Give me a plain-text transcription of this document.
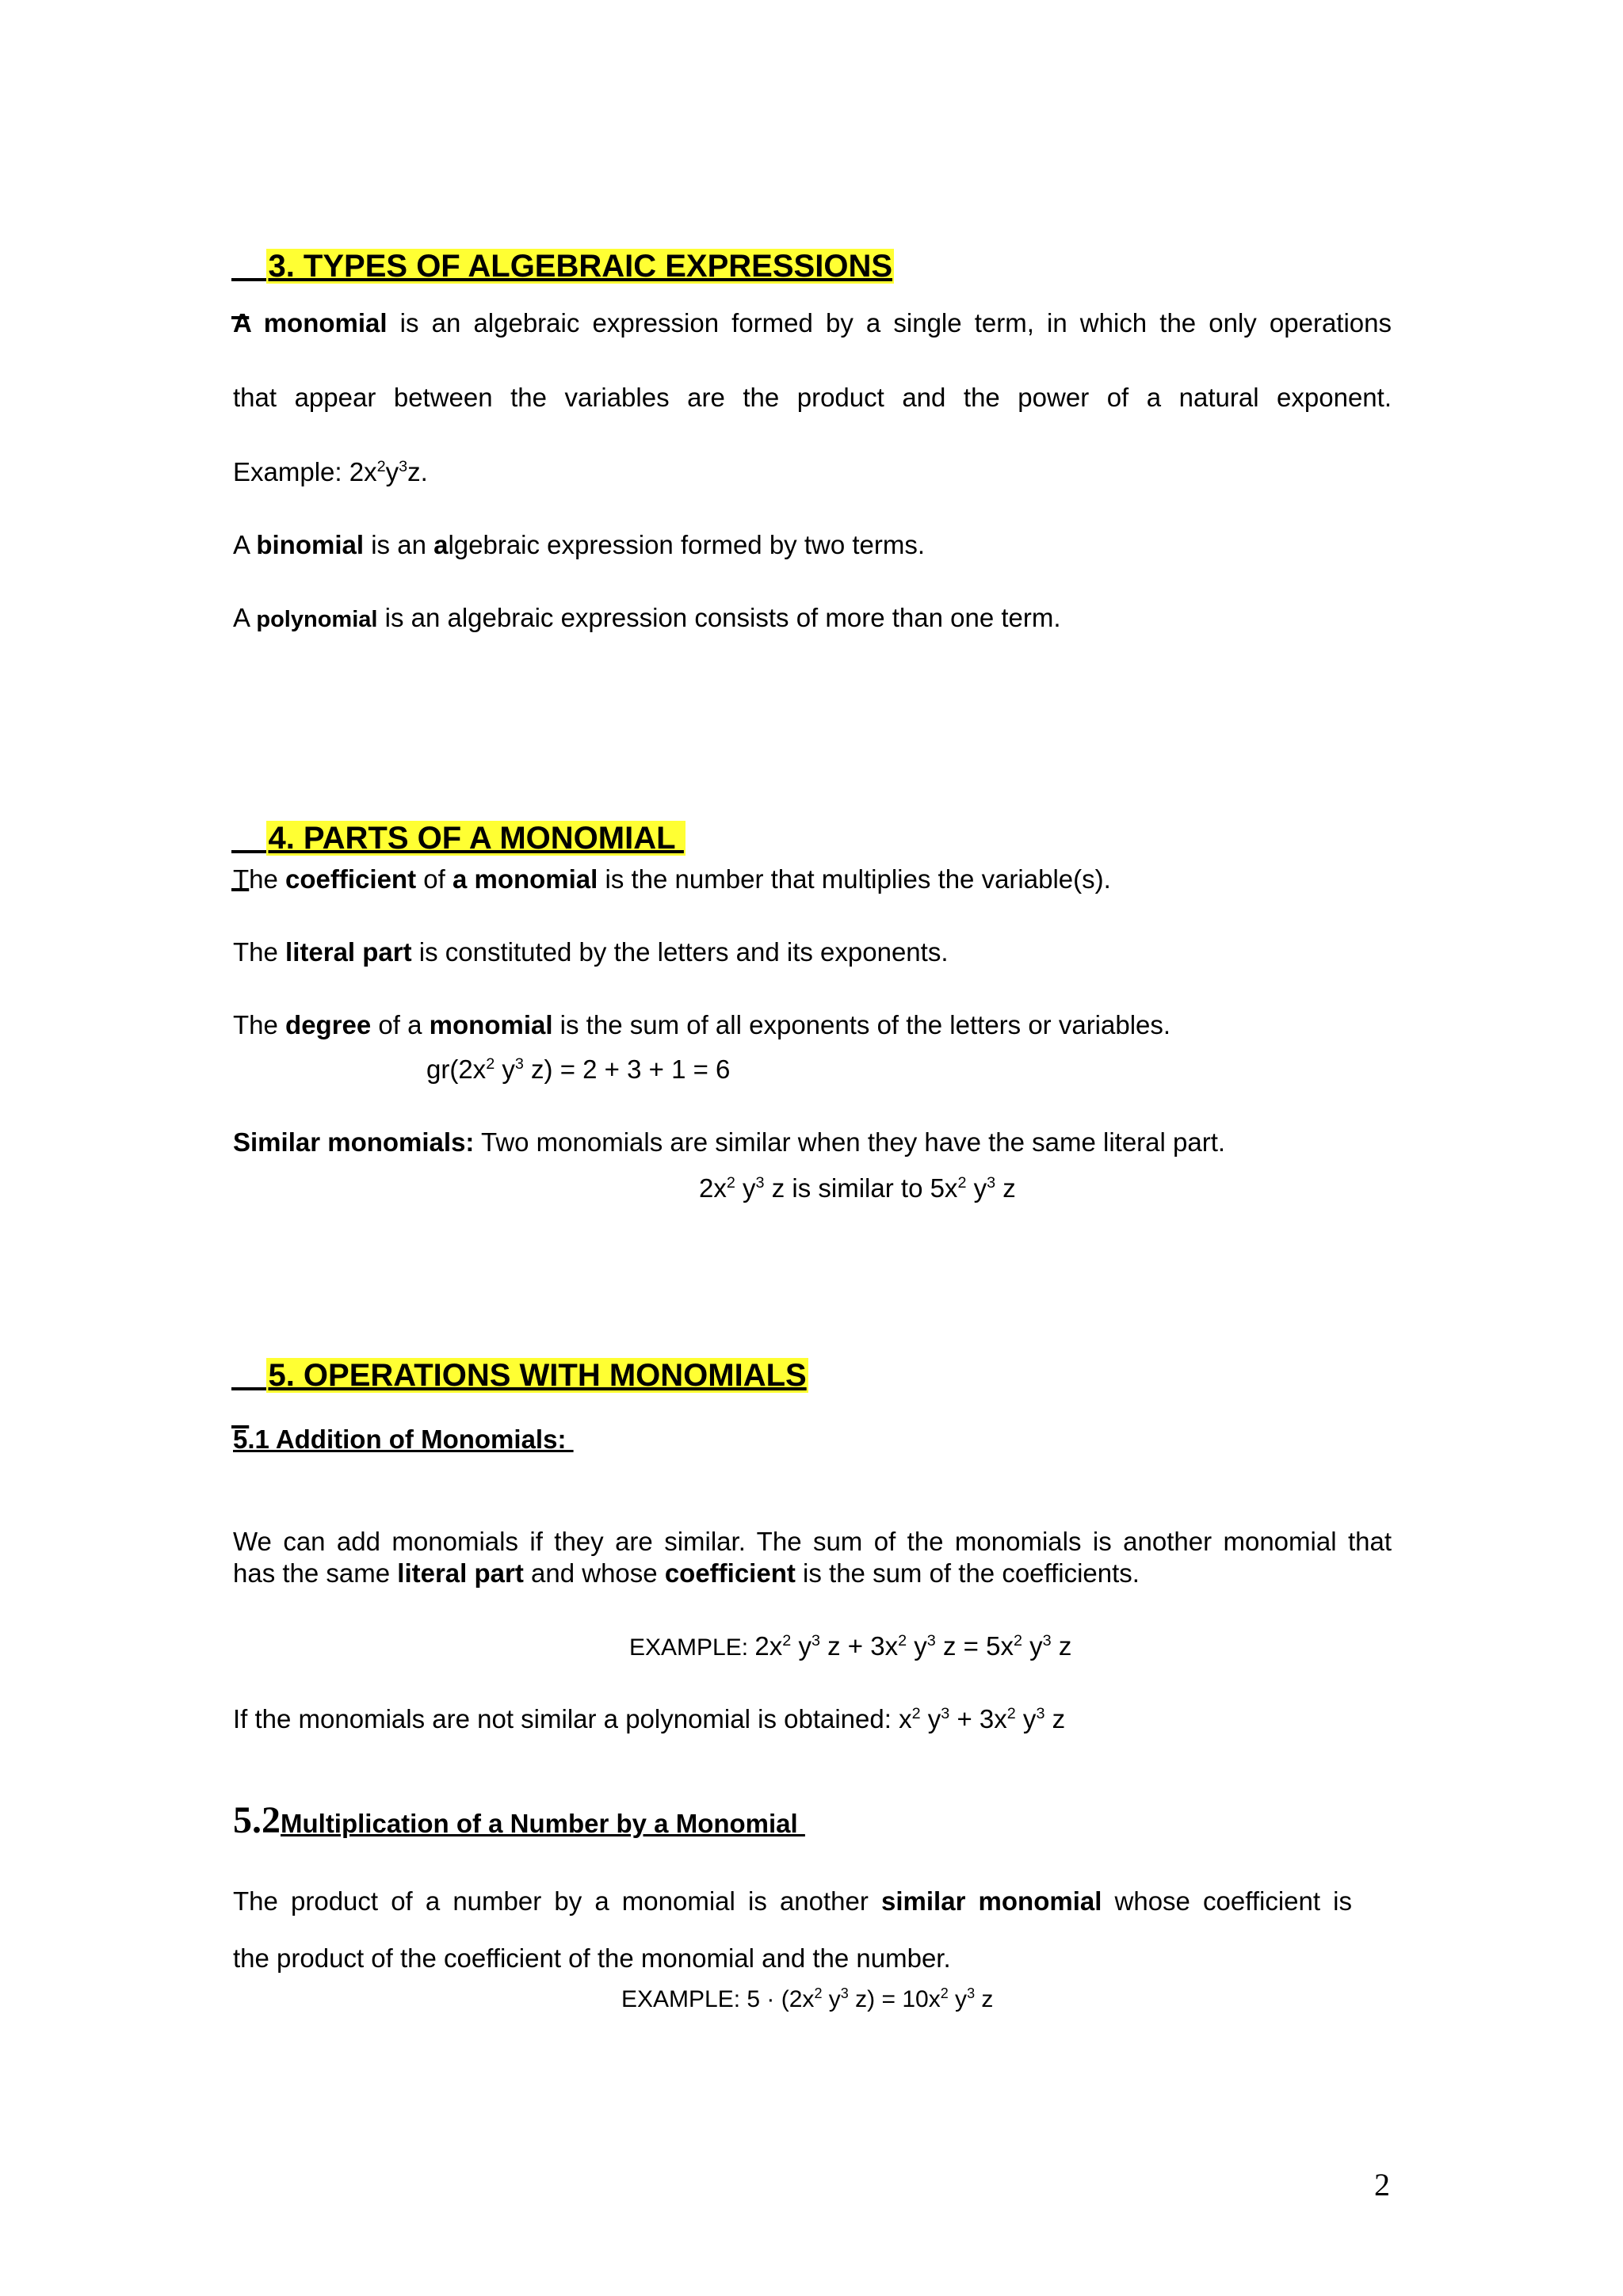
3. TYPES OF ALGEBRAIC EXPRESSIONS

A monomial is an algebraic expression formed by a single term, in which the only operations
that appear between the variables are the product and the power of a natural exponent.
Example: $2x^2y^3z$.
A binomial is an algebraic expression formed by two terms.
A polynomial is an algebraic expression consists of more than one term.

4. PARTS OF A MONOMIAL

The coefficient of a monomial is the number that multiplies the variable(s).
The literal part is constituted by the letters and its exponents.
The degree of a monomial is the sum of all exponents of the letters or variables.
$gr(2x^2$ $y^3$ z) = 2 + 3 + 1 = 6
Similar monomials: Two monomials are similar when they have the same literal part.
$2x^2$ $y^3$ z is similar to $5x^2$ $y^3$ z

5. OPERATIONS WITH MONOMIALS

5.1 Addition of Monomials:
We can add monomials if they are similar. The sum of the monomials is another monomial that
has the same literal part and whose coefficient is the sum of the coefficients.
EXAMPLE: $2x^2$ $y^3$ $z + 3x^2$ $y^3$ $z = 5x^2$ $y^3$ z
If the monomials are not similar a polynomial is obtained: $x^2$ $y^3 + 3x^2$ $y^3$ z
5.2Multiplication of a Number by a Monomial
The product of a number by a monomial is another similar monomial whose coefficient is
the product of the coefficient of the monomial and the number.
EXAMPLE: $5 \cdot (2x^2$ $y^3$ $z) = 10x^2$ $y^3$ z
2
